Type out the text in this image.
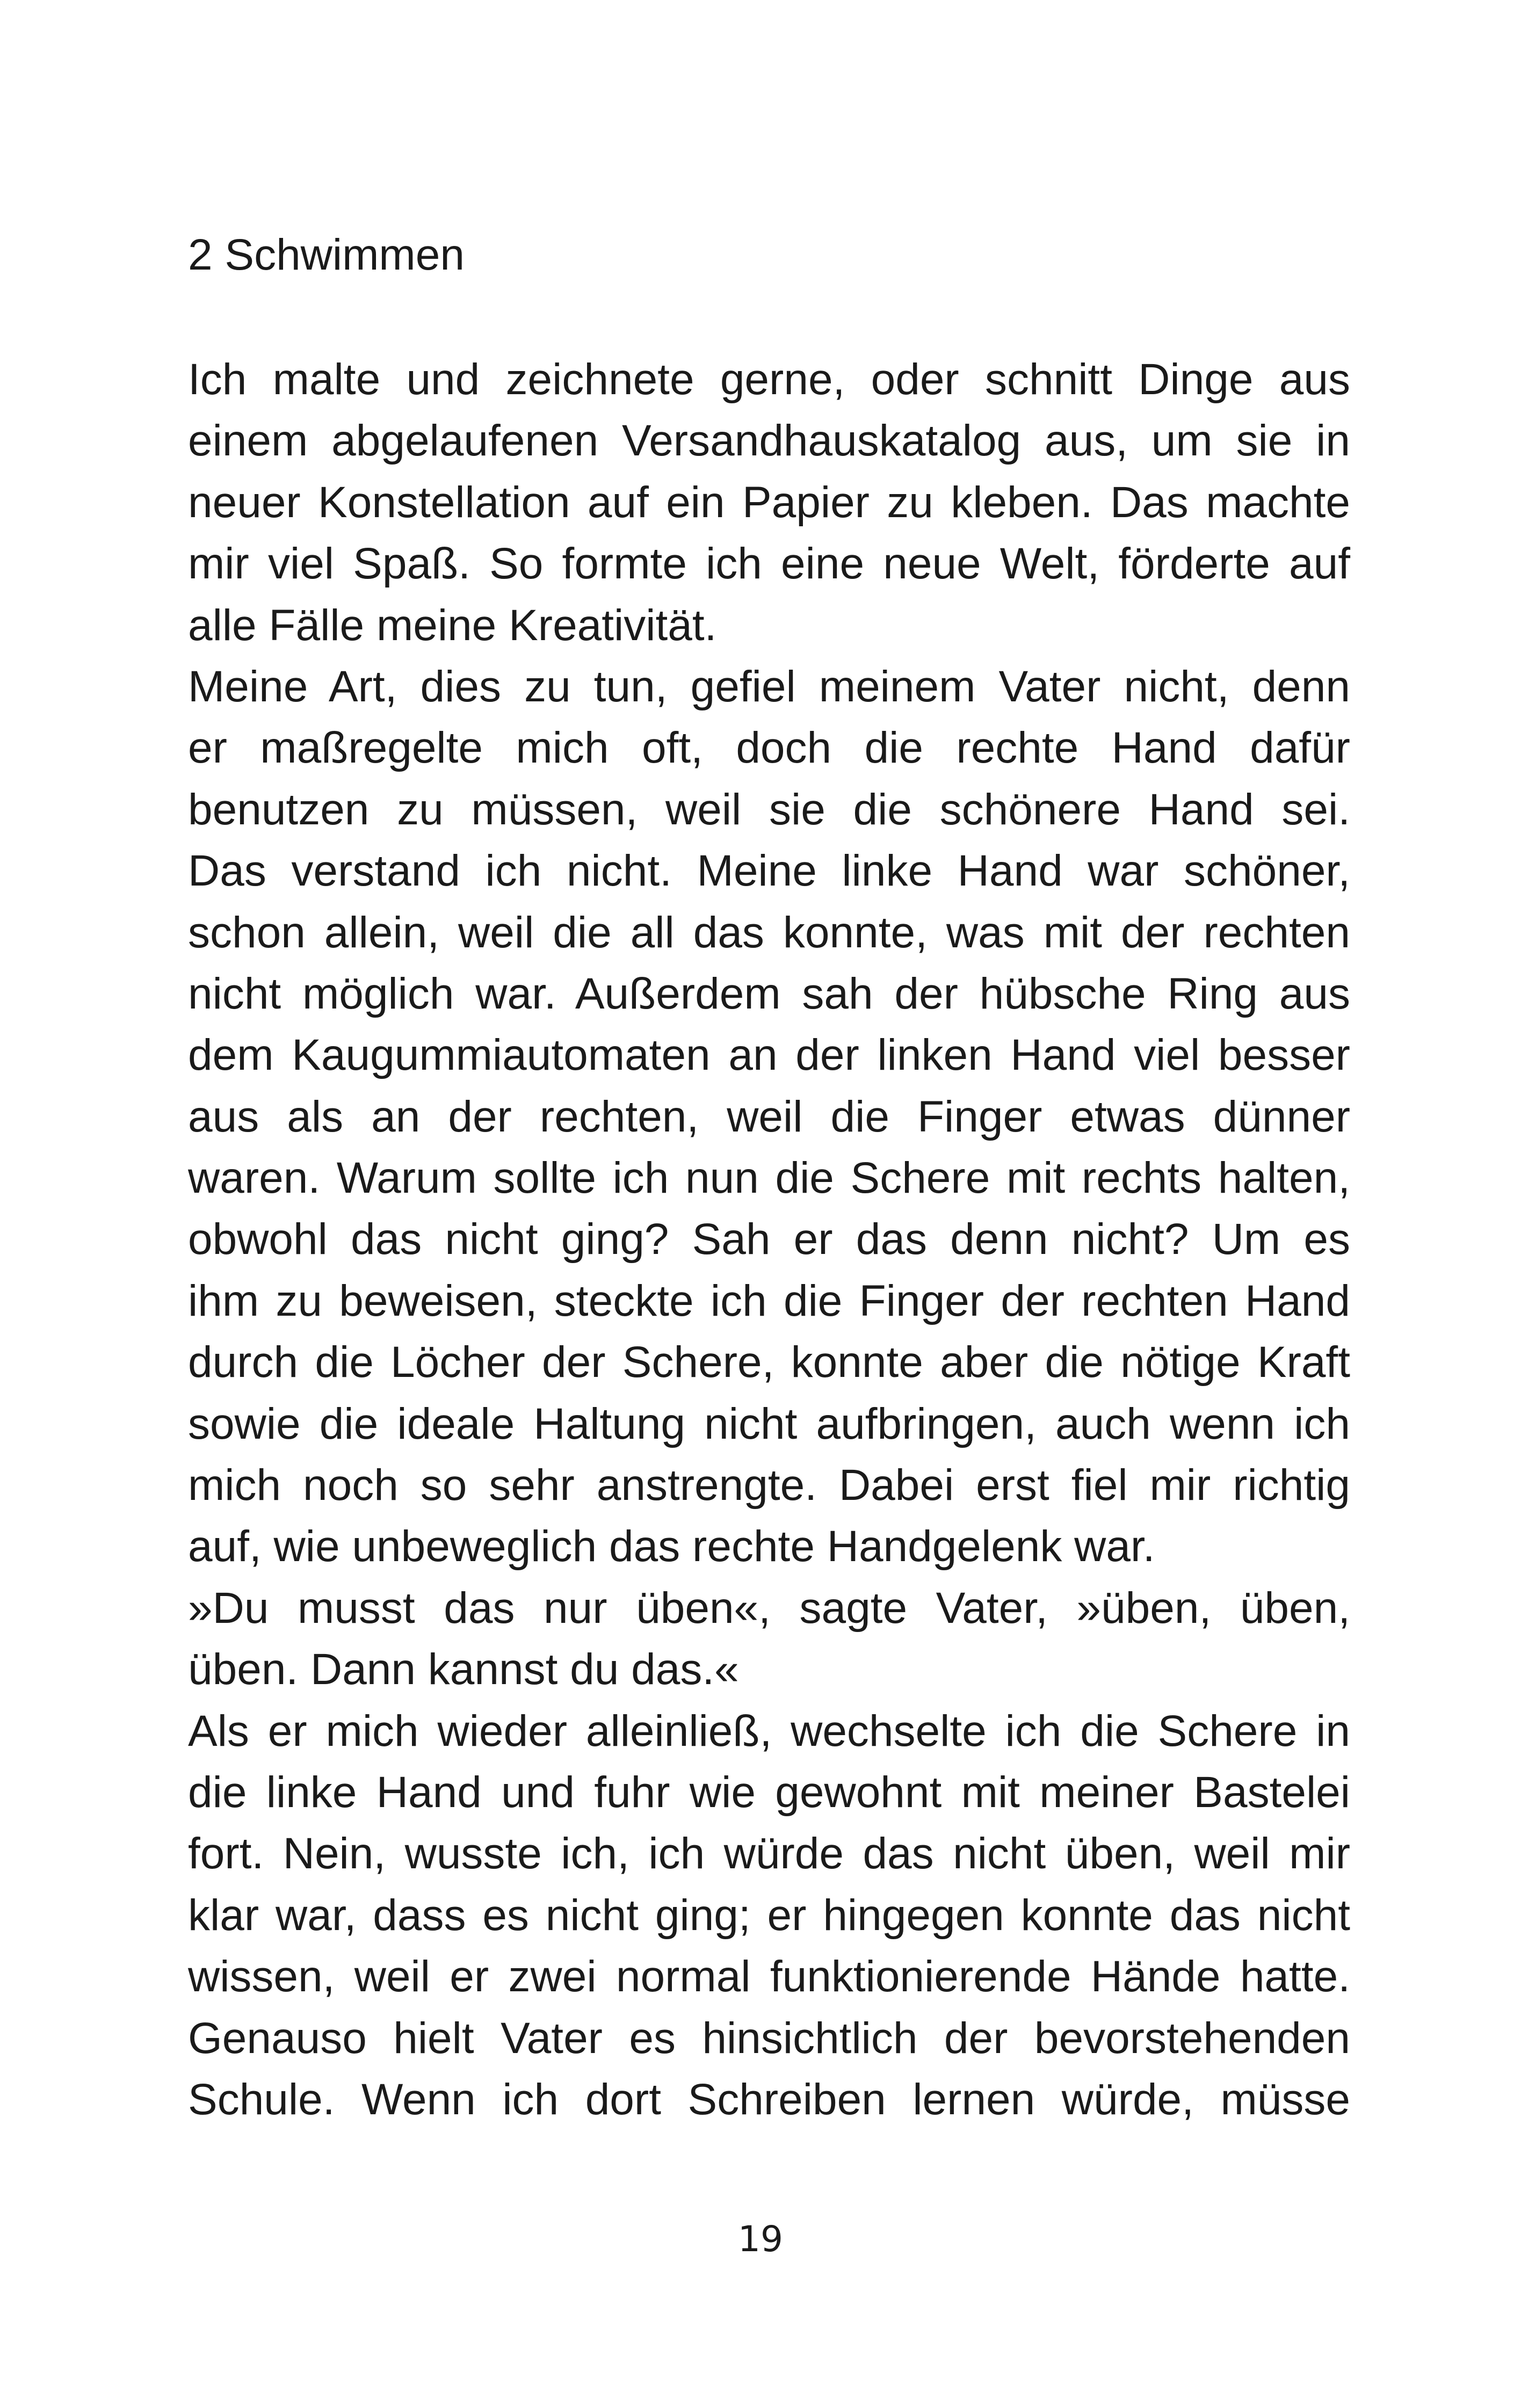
2 Schwimmen

Ich malte und zeichnete gerne, oder schnitt Dinge aus
einem abgelaufenen Versandhauskatalog aus, um sie in
neuer Konstellation auf ein Papier zu kleben. Das machte
mir viel Spaß. So formte ich eine neue Welt, förderte auf
alle Fälle meine Kreativität.

Meine Art, dies zu tun, gefiel meinem Vater nicht, denn
er maßregelte mich oft, doch die rechte Hand dafür
benutzen zu müssen, weil sie die schönere Hand sei.
Das verstand ich nicht. Meine linke Hand war schöner,
schon allein, weil die all das konnte, was mit der rechten
nicht möglich war. Außerdem sah der hübsche Ring aus
dem Kaugummiautomaten an der linken Hand viel besser
aus als an der rechten, weil die Finger etwas dünner
waren. Warum sollte ich nun die Schere mit rechts halten,
obwohl das nicht ging? Sah er das denn nicht? Um es
ihm zu beweisen, steckte ich die Finger der rechten Hand
durch die Löcher der Schere, konnte aber die nötige Kraft
sowie die ideale Haltung nicht aufbringen, auch wenn ich
mich noch so sehr anstrengte. Dabei erst fiel mir richtig
auf, wie unbeweglich das rechte Handgelenk war.

»Du musst das nur üben«, sagte Vater, »üben, üben,
üben. Dann kannst du das.«

Als er mich wieder alleinließ, wechselte ich die Schere in
die linke Hand und fuhr wie gewohnt mit meiner Bastelei
fort. Nein, wusste ich, ich würde das nicht üben, weil mir
klar war, dass es nicht ging; er hingegen konnte das nicht
wissen, weil er zwei normal funktionierende Hände hatte.
Genauso hielt Vater es hinsichtlich der bevorstehenden
Schule. Wenn ich dort Schreiben lernen würde, müsse

19
